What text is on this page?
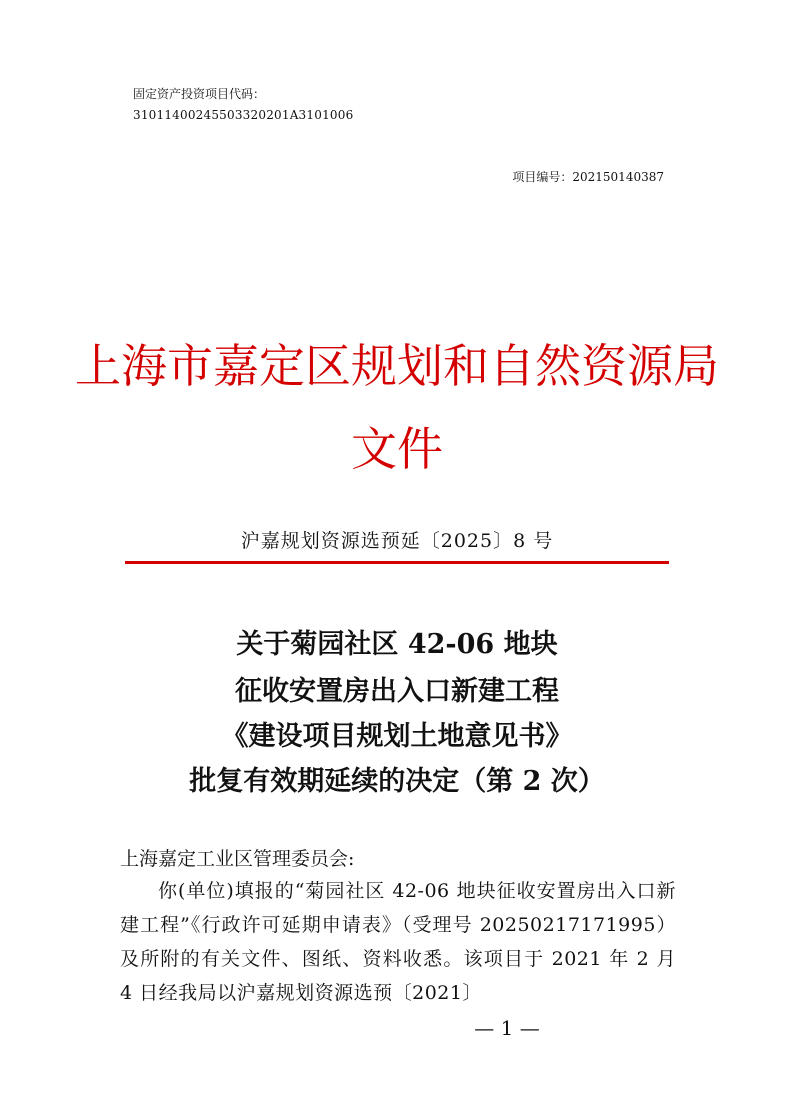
固定资产投资项目代码：
31011400245503320201A3101006
项目编号：202150140387
上海市嘉定区规划和自然资源局
文件
沪嘉规划资源选预延〔2025〕8 号
关于菊园社区 42-06 地块
征收安置房出入口新建工程
《建设项目规划土地意见书》
批复有效期延续的决定（第 2 次）
上海嘉定工业区管理委员会:
你(单位)填报的“菊园社区 42-06 地块征收安置房出入口新建工程”《行政许可延期申请表》（受理号 20250217171995）及所附的有关文件、图纸、资料收悉。该项目于 2021 年 2 月 4 日经我局以沪嘉规划资源选预〔2021〕
— 1 —
